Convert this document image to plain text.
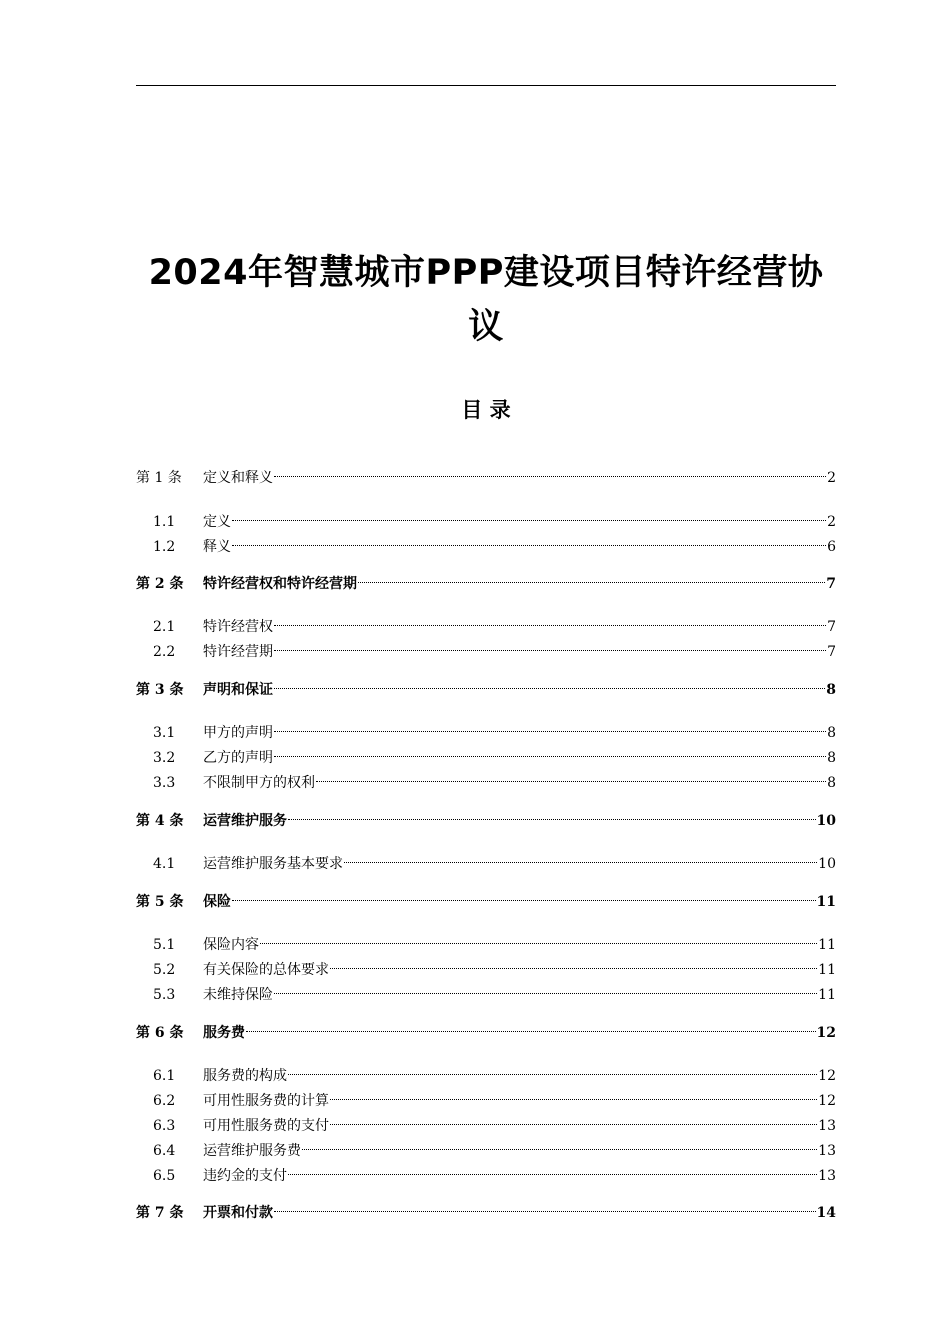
2024年智慧城市PPP建设项目特许经营协
议
目 录
第 1 条	定义和释义	2
1.1	定义	2
1.2	释义	6
第 2 条	特许经营权和特许经营期	7
2.1	特许经营权	7
2.2	特许经营期	7
第 3 条	声明和保证	8
3.1	甲方的声明	8
3.2	乙方的声明	8
3.3	不限制甲方的权利	8
第 4 条	运营维护服务	10
4.1	运营维护服务基本要求	10
第 5 条	保险	11
5.1	保险内容	11
5.2	有关保险的总体要求	11
5.3	未维持保险	11
第 6 条	服务费	12
6.1	服务费的构成	12
6.2	可用性服务费的计算	12
6.3	可用性服务费的支付	13
6.4	运营维护服务费	13
6.5	违约金的支付	13
第 7 条	开票和付款	14
